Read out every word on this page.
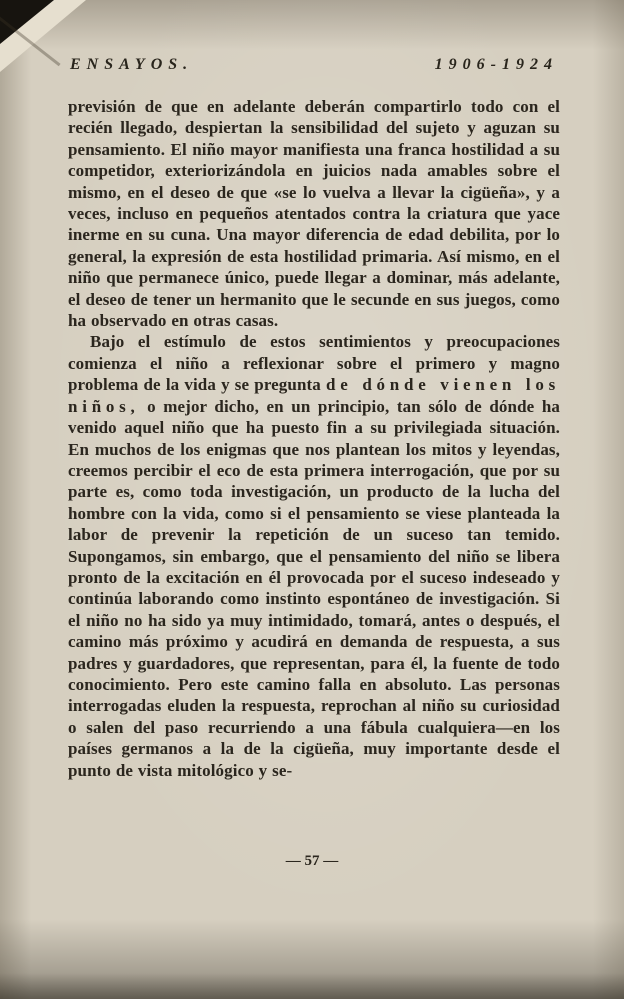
ENSAYOS.	1906-1924

previsión de que en adelante deberán compartirlo todo con el recién llegado, despiertan la sensibilidad del sujeto y aguzan su pensamiento. El niño mayor manifiesta una franca hostilidad a su competidor, exteriorizándola en juicios nada amables sobre el mismo, en el deseo de que «se lo vuelva a llevar la cigüeña», y a veces, incluso en pequeños atentados contra la criatura que yace inerme en su cuna. Una mayor diferencia de edad debilita, por lo general, la expresión de esta hostilidad primaria. Así mismo, en el niño que permanece único, puede llegar a dominar, más adelante, el deseo de tener un hermanito que le secunde en sus juegos, como ha observado en otras casas.

Bajo el estímulo de estos sentimientos y preocupaciones comienza el niño a reflexionar sobre el primero y magno problema de la vida y se pregunta de dónde vienen los niños, o mejor dicho, en un principio, tan sólo de dónde ha venido aquel niño que ha puesto fin a su privilegiada situación. En muchos de los enigmas que nos plantean los mitos y leyendas, creemos percibir el eco de esta primera interrogación, que por su parte es, como toda investigación, un producto de la lucha del hombre con la vida, como si el pensamiento se viese planteada la labor de prevenir la repetición de un suceso tan temido. Supongamos, sin embargo, que el pensamiento del niño se libera pronto de la excitación en él provocada por el suceso indeseado y continúa laborando como instinto espontáneo de investigación. Si el niño no ha sido ya muy intimidado, tomará, antes o después, el camino más próximo y acudirá en demanda de respuesta, a sus padres y guardadores, que representan, para él, la fuente de todo conocimiento. Pero este camino falla en absoluto. Las personas interrogadas eluden la respuesta, reprochan al niño su curiosidad o salen del paso recurriendo a una fábula cualquiera—en los países germanos a la de la cigüeña, muy importante desde el punto de vista mitológico y se-

— 57 —
